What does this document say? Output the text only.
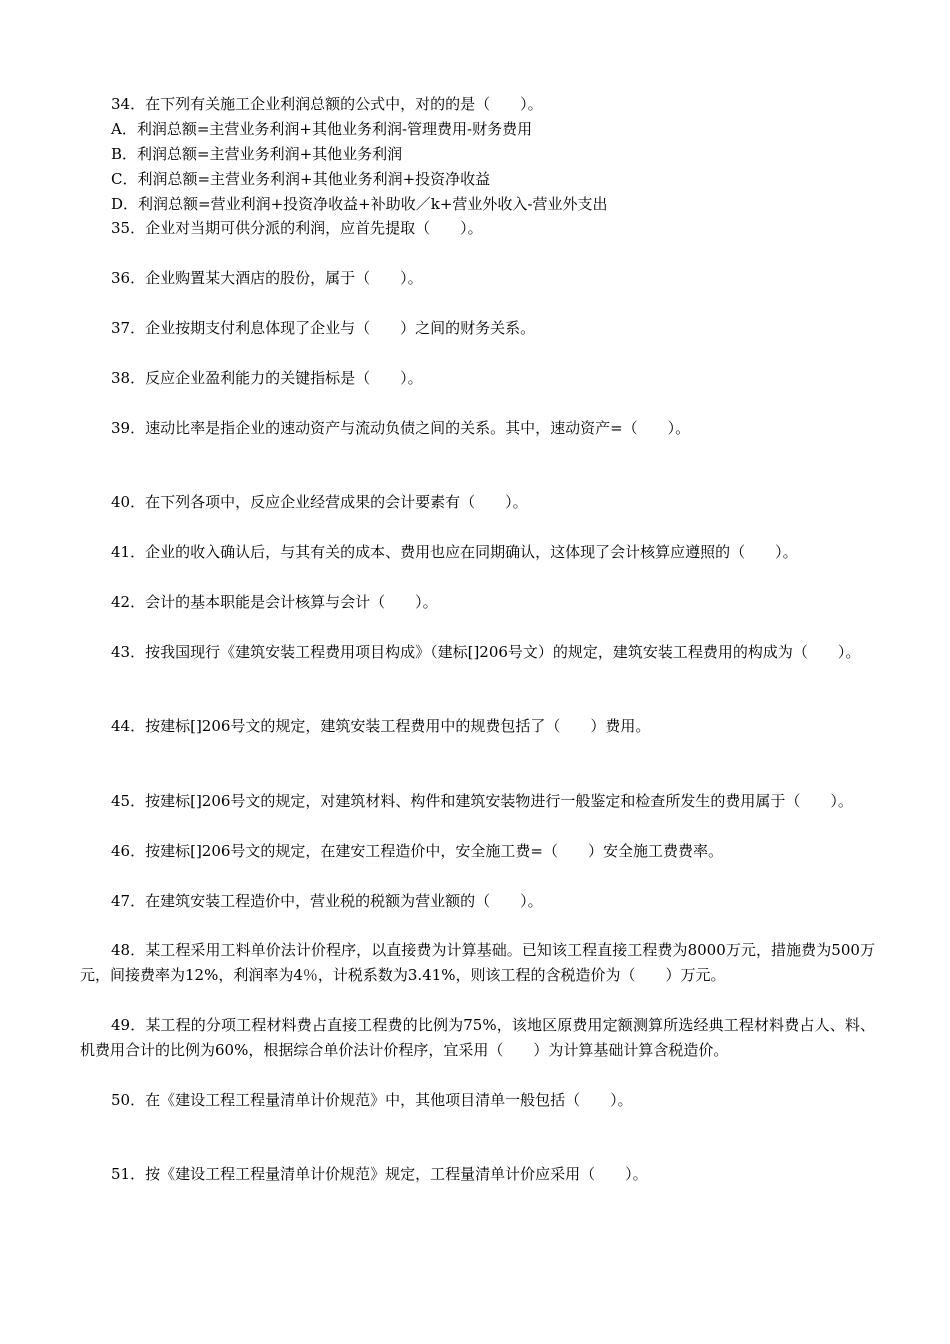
34．在下列有关施工企业利润总额的公式中，对的的是（　　）。
A．利润总额=主营业务利润+其他业务利润-管理费用-财务费用
B．利润总额=主营业务利润+其他业务利润
C．利润总额=主营业务利润+其他业务利润+投资净收益
D．利润总额=营业利润+投资净收益+补助收／k+营业外收入-营业外支出
35．企业对当期可供分派的利润，应首先提取（　　）。

36．企业购置某大酒店的股份，属于（　　）。

37．企业按期支付利息体现了企业与（　　）之间的财务关系。

38．反应企业盈利能力的关键指标是（　　）。

39．速动比率是指企业的速动资产与流动负债之间的关系。其中，速动资产=（　　）。

40．在下列各项中，反应企业经营成果的会计要素有（　　）。

41．企业的收入确认后，与其有关的成本、费用也应在同期确认，这体现了会计核算应遵照的（　　）。

42．会计的基本职能是会计核算与会计（　　）。

43．按我国现行《建筑安装工程费用项目构成》（建标[]206号文）的规定，建筑安装工程费用的构成为（　　）。

44．按建标[]206号文的规定，建筑安装工程费用中的规费包括了（　　）费用。

45．按建标[]206号文的规定，对建筑材料、构件和建筑安装物进行一般鉴定和检查所发生的费用属于（　　）。

46．按建标[]206号文的规定，在建安工程造价中，安全施工费=（　　）安全施工费费率。

47．在建筑安装工程造价中，营业税的税额为营业额的（　　）。

48．某工程采用工料单价法计价程序，以直接费为计算基础。已知该工程直接工程费为8000万元，措施费为500万元，间接费率为12%，利润率为4％，计税系数为3.41%，则该工程的含税造价为（　　）万元。

49．某工程的分项工程材料费占直接工程费的比例为75%，该地区原费用定额测算所选经典工程材料费占人、料、机费用合计的比例为60%，根据综合单价法计价程序，宜采用（　　）为计算基础计算含税造价。

50．在《建设工程工程量清单计价规范》中，其他项目清单一般包括（　　）。

51．按《建设工程工程量清单计价规范》规定，工程量清单计价应采用（　　）。
